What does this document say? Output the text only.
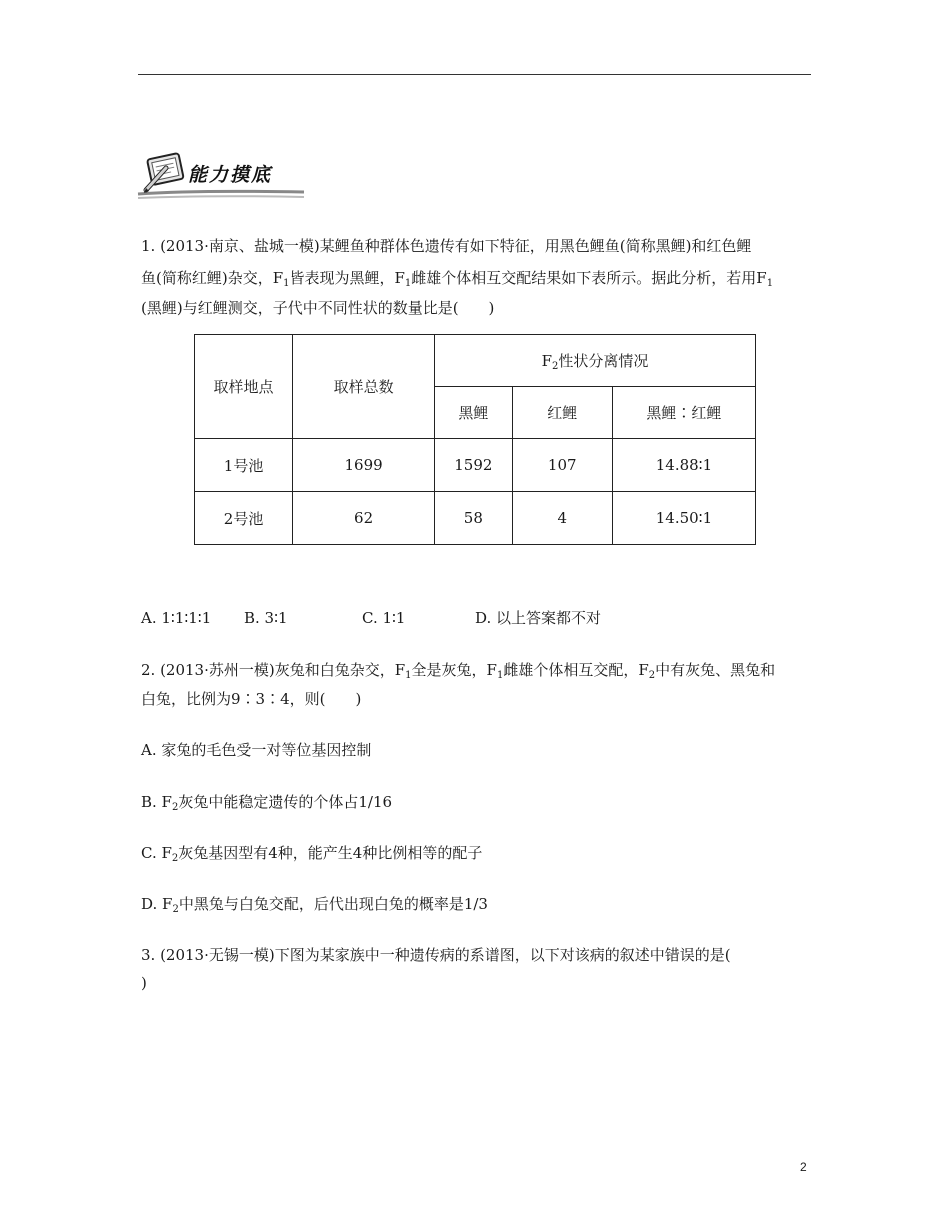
能力摸底
1. (2013·南京、盐城一模)某鲤鱼种群体色遗传有如下特征，用黑色鲤鱼(简称黑鲤)和红色鲤
鱼(简称红鲤)杂交，$F_1$皆表现为黑鲤，$F_1$雌雄个体相互交配结果如下表所示。据此分析，若用$F_1$
(黑鲤)与红鲤测交，子代中不同性状的数量比是(　　)
取样地点	取样总数	$F_2$性状分离情况		
		黑鲤	红鲤	黑鲤∶红鲤
1号池	1699	1592	107	14.88∶1
2号池	62	58	4	14.50∶1
A. 1∶1∶1∶1 B. 3∶1	C. 1∶1	D. 以上答案都不对
2. (2013·苏州一模)灰兔和白兔杂交，$F_1$全是灰兔，$F_1$雌雄个体相互交配，$F_2$中有灰兔、黑兔和
白兔，比例为9∶3∶4，则(　　)
A. 家兔的毛色受一对等位基因控制
B. $F_2$灰兔中能稳定遗传的个体占1/16
C. $F_2$灰兔基因型有4种，能产生4种比例相等的配子
D. $F_2$中黑兔与白兔交配，后代出现白兔的概率是1/3
3. (2013·无锡一模)下图为某家族中一种遗传病的系谱图，以下对该病的叙述中错误的是(
)
2
